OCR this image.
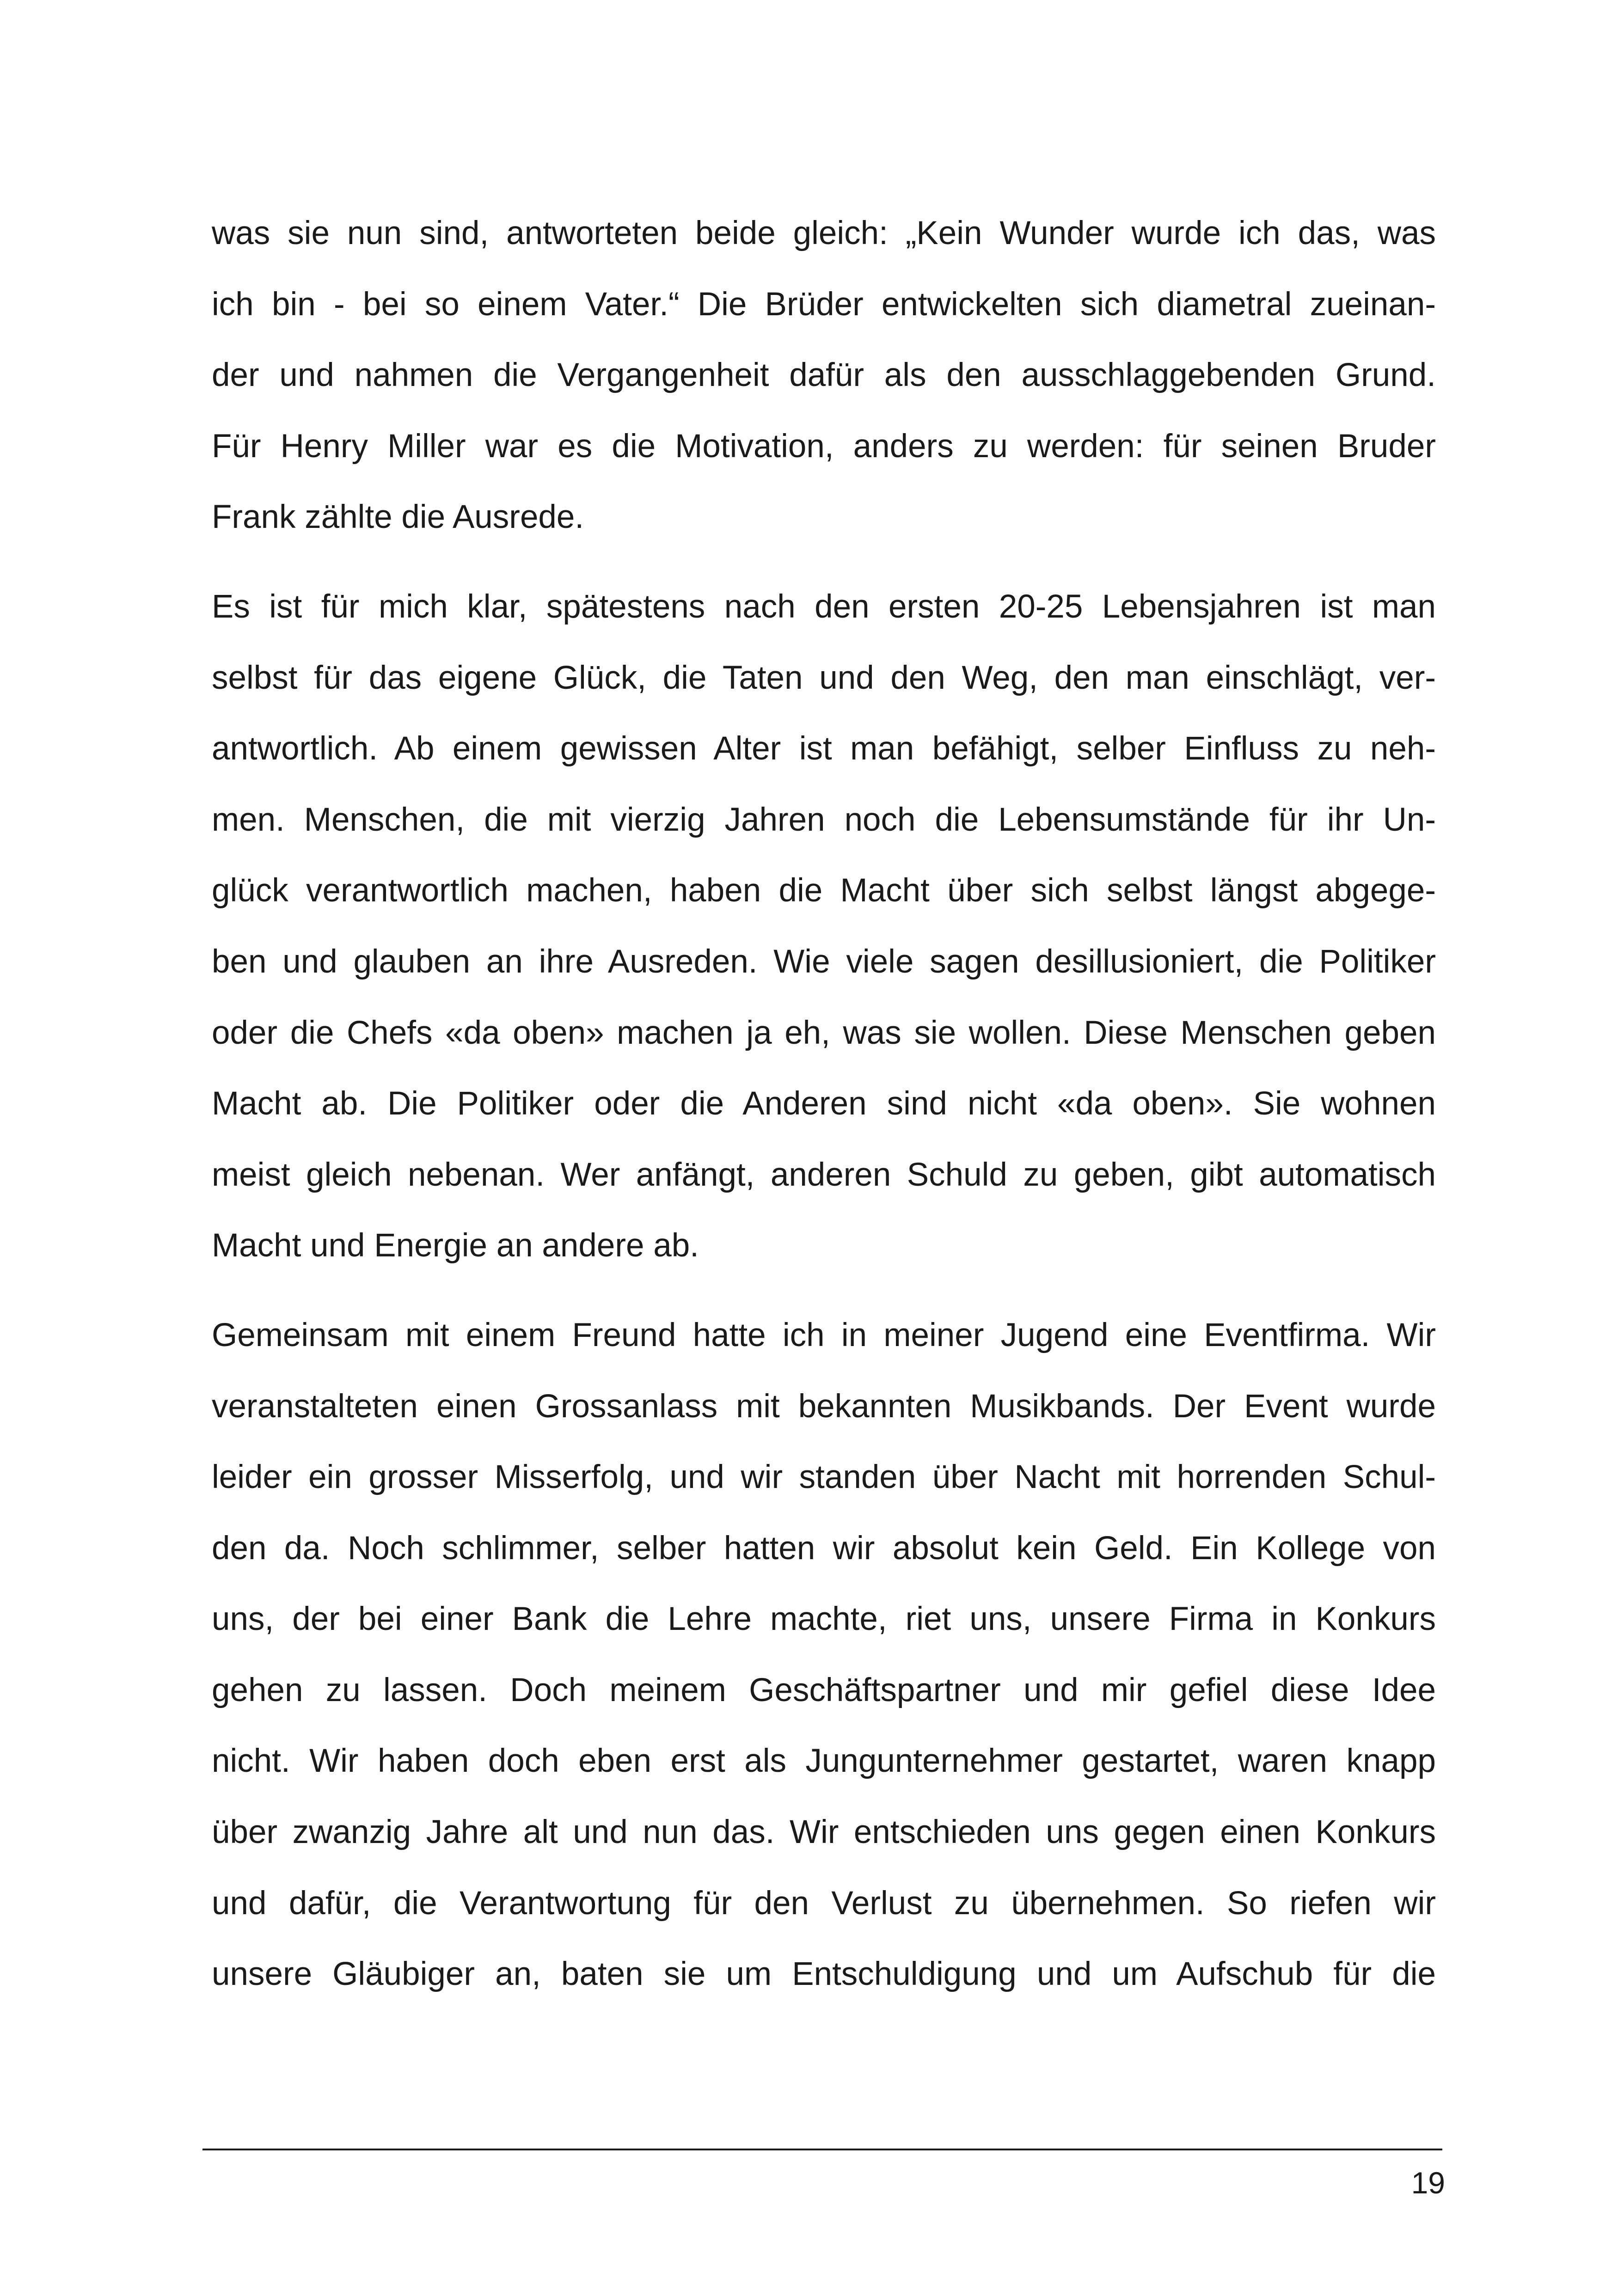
was sie nun sind, antworteten beide gleich: „Kein Wunder wurde ich das, was
ich bin - bei so einem Vater.“ Die Brüder entwickelten sich diametral zueinan-
der und nahmen die Vergangenheit dafür als den ausschlaggebenden Grund.
Für Henry Miller war es die Motivation, anders zu werden: für seinen Bruder
Frank zählte die Ausrede.
Es ist für mich klar, spätestens nach den ersten 20-25 Lebensjahren ist man
selbst für das eigene Glück, die Taten und den Weg, den man einschlägt, ver-
antwortlich. Ab einem gewissen Alter ist man befähigt, selber Einfluss zu neh-
men. Menschen, die mit vierzig Jahren noch die Lebensumstände für ihr Un-
glück verantwortlich machen, haben die Macht über sich selbst längst abgege-
ben und glauben an ihre Ausreden. Wie viele sagen desillusioniert, die Politiker
oder die Chefs «da oben» machen ja eh, was sie wollen. Diese Menschen geben
Macht ab. Die Politiker oder die Anderen sind nicht «da oben». Sie wohnen
meist gleich nebenan. Wer anfängt, anderen Schuld zu geben, gibt automatisch
Macht und Energie an andere ab.
Gemeinsam mit einem Freund hatte ich in meiner Jugend eine Eventfirma. Wir
veranstalteten einen Grossanlass mit bekannten Musikbands. Der Event wurde
leider ein grosser Misserfolg, und wir standen über Nacht mit horrenden Schul-
den da. Noch schlimmer, selber hatten wir absolut kein Geld. Ein Kollege von
uns, der bei einer Bank die Lehre machte, riet uns, unsere Firma in Konkurs
gehen zu lassen. Doch meinem Geschäftspartner und mir gefiel diese Idee
nicht. Wir haben doch eben erst als Jungunternehmer gestartet, waren knapp
über zwanzig Jahre alt und nun das. Wir entschieden uns gegen einen Konkurs
und dafür, die Verantwortung für den Verlust zu übernehmen. So riefen wir
unsere Gläubiger an, baten sie um Entschuldigung und um Aufschub für die
19
